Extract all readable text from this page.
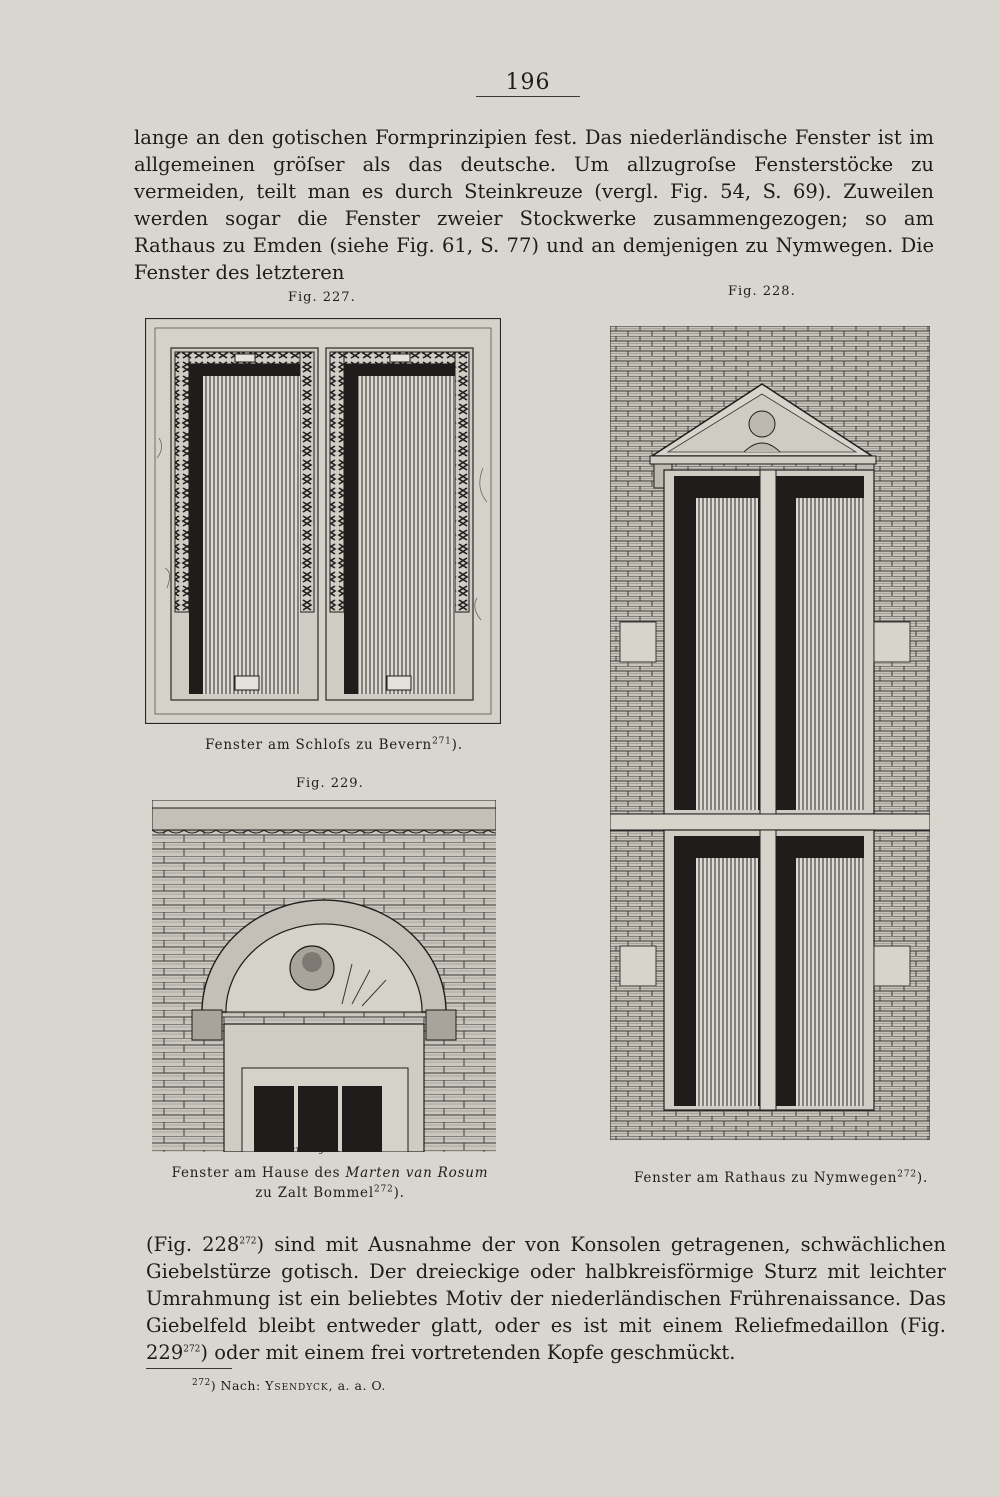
196

lange an den gotischen Formprinzipien fest. Das niederländische Fenster ist im allgemeinen gröſser als das deutsche. Um allzugroſse Fensterstöcke zu vermeiden, teilt man es durch Steinkreuze (vergl. Fig. 54, S. 69). Zuweilen werden sogar die Fenster zweier Stockwerke zusammengezogen; so am Rathaus zu Emden (siehe Fig. 61, S. 77) und an demjenigen zu Nymwegen. Die Fenster des letzteren

Fig. 227.
Fenster am Schloſs zu Bevern$^{271}$).
Fig. 228.
Fenster am Rathaus zu Nymwegen$^{272}$).
Fig. 229.
Sieverdyck. sc.
Fenster am Hause des Marten van Rosum
zu Zalt Bommel$^{272}$).

(Fig. $228^{272}$) sind mit Ausnahme der von Konsolen getragenen, schwächlichen Giebelstürze gotisch. Der dreieckige oder halbkreisförmige Sturz mit leichter Umrahmung ist ein beliebtes Motiv der niederländischen Frührenaissance. Das Giebelfeld bleibt entweder glatt, oder es ist mit einem Reliefmedaillon (Fig. $229^{272}$) oder mit einem frei vortretenden Kopfe geschmückt.

$^{272}$) Nach: Ysendyck, a. a. O.
